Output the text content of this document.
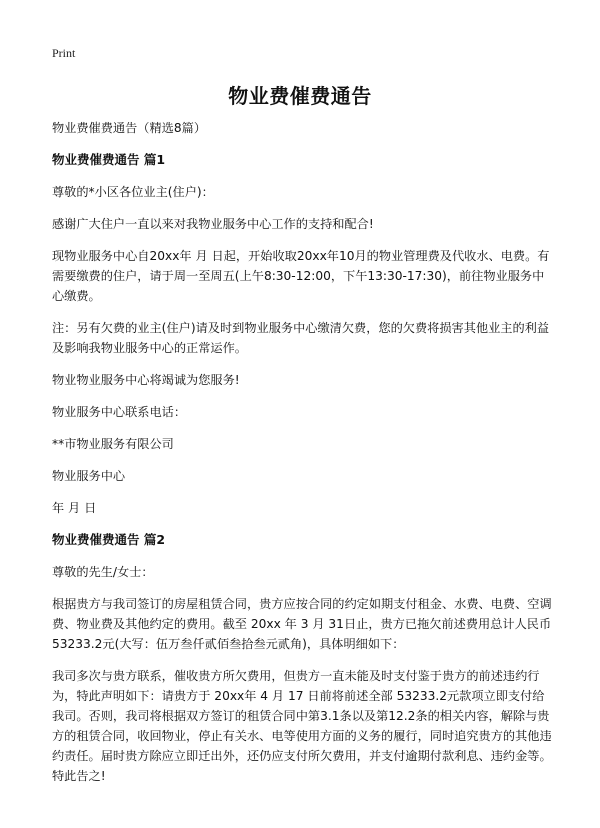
Print
物业费催费通告
物业费催费通告（精选8篇）
物业费催费通告 篇1
尊敬的*小区各位业主(住户)：
感谢广大住户一直以来对我物业服务中心工作的支持和配合!
现物业服务中心自20xx年 月 日起，开始收取20xx年10月的物业管理费及代收水、电费。有需要缴费的住户，请于周一至周五(上午8:30-12:00，下午13:30-17:30)，前往物业服务中心缴费。
注：另有欠费的业主(住户)请及时到物业服务中心缴清欠费，您的欠费将损害其他业主的利益及影响我物业服务中心的正常运作。
物业物业服务中心将竭诚为您服务!
物业服务中心联系电话：
**市物业服务有限公司
物业服务中心
年 月 日
物业费催费通告 篇2
尊敬的先生/女士：
根据贵方与我司签订的房屋租赁合同，贵方应按合同的约定如期支付租金、水费、电费、空调费、物业费及其他约定的费用。截至 20xx 年 3 月 31日止，贵方已拖欠前述费用总计人民币 53233.2元(大写：伍万叁仟贰佰叁拾叁元贰角)，具体明细如下：
我司多次与贵方联系，催收贵方所欠费用，但贵方一直未能及时支付鉴于贵方的前述违约行为，特此声明如下：请贵方于 20xx年 4 月 17 日前将前述全部 53233.2元款项立即支付给我司。否则，我司将根据双方签订的租赁合同中第3.1条以及第12.2条的相关内容，解除与贵方的租赁合同，收回物业，停止有关水、电等使用方面的义务的履行，同时追究贵方的其他违约责任。届时贵方除应立即迁出外，还仍应支付所欠费用，并支付逾期付款利息、违约金等。特此告之!
